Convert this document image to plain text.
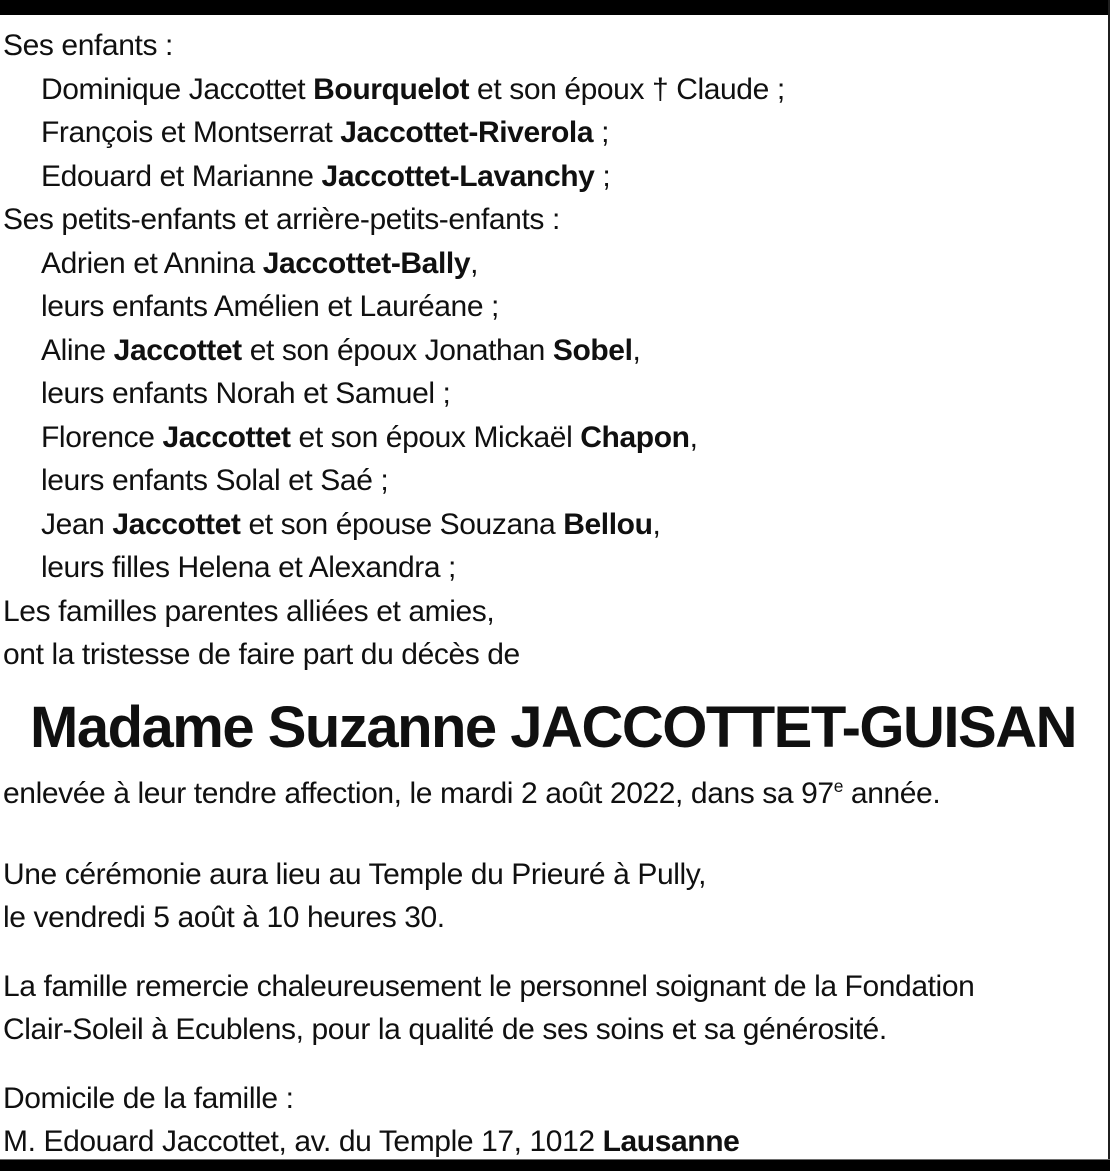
Ses enfants :
Dominique Jaccottet Bourquelot et son époux † Claude ;
François et Montserrat Jaccottet-Riverola ;
Edouard et Marianne Jaccottet-Lavanchy ;
Ses petits-enfants et arrière-petits-enfants :
Adrien et Annina Jaccottet-Bally,
leurs enfants Amélien et Lauréane ;
Aline Jaccottet et son époux Jonathan Sobel,
leurs enfants Norah et Samuel ;
Florence Jaccottet et son époux Mickaël Chapon,
leurs enfants Solal et Saé ;
Jean Jaccottet et son épouse Souzana Bellou,
leurs filles Helena et Alexandra ;
Les familles parentes alliées et amies,
ont la tristesse de faire part du décès de
Madame Suzanne JACCOTTET-GUISAN
enlevée à leur tendre affection, le mardi 2 août 2022, dans sa 97e année.
Une cérémonie aura lieu au Temple du Prieuré à Pully,
le vendredi 5 août à 10 heures 30.
La famille remercie chaleureusement le personnel soignant de la Fondation
Clair-Soleil à Ecublens, pour la qualité de ses soins et sa générosité.
Domicile de la famille :
M. Edouard Jaccottet, av. du Temple 17, 1012 Lausanne
